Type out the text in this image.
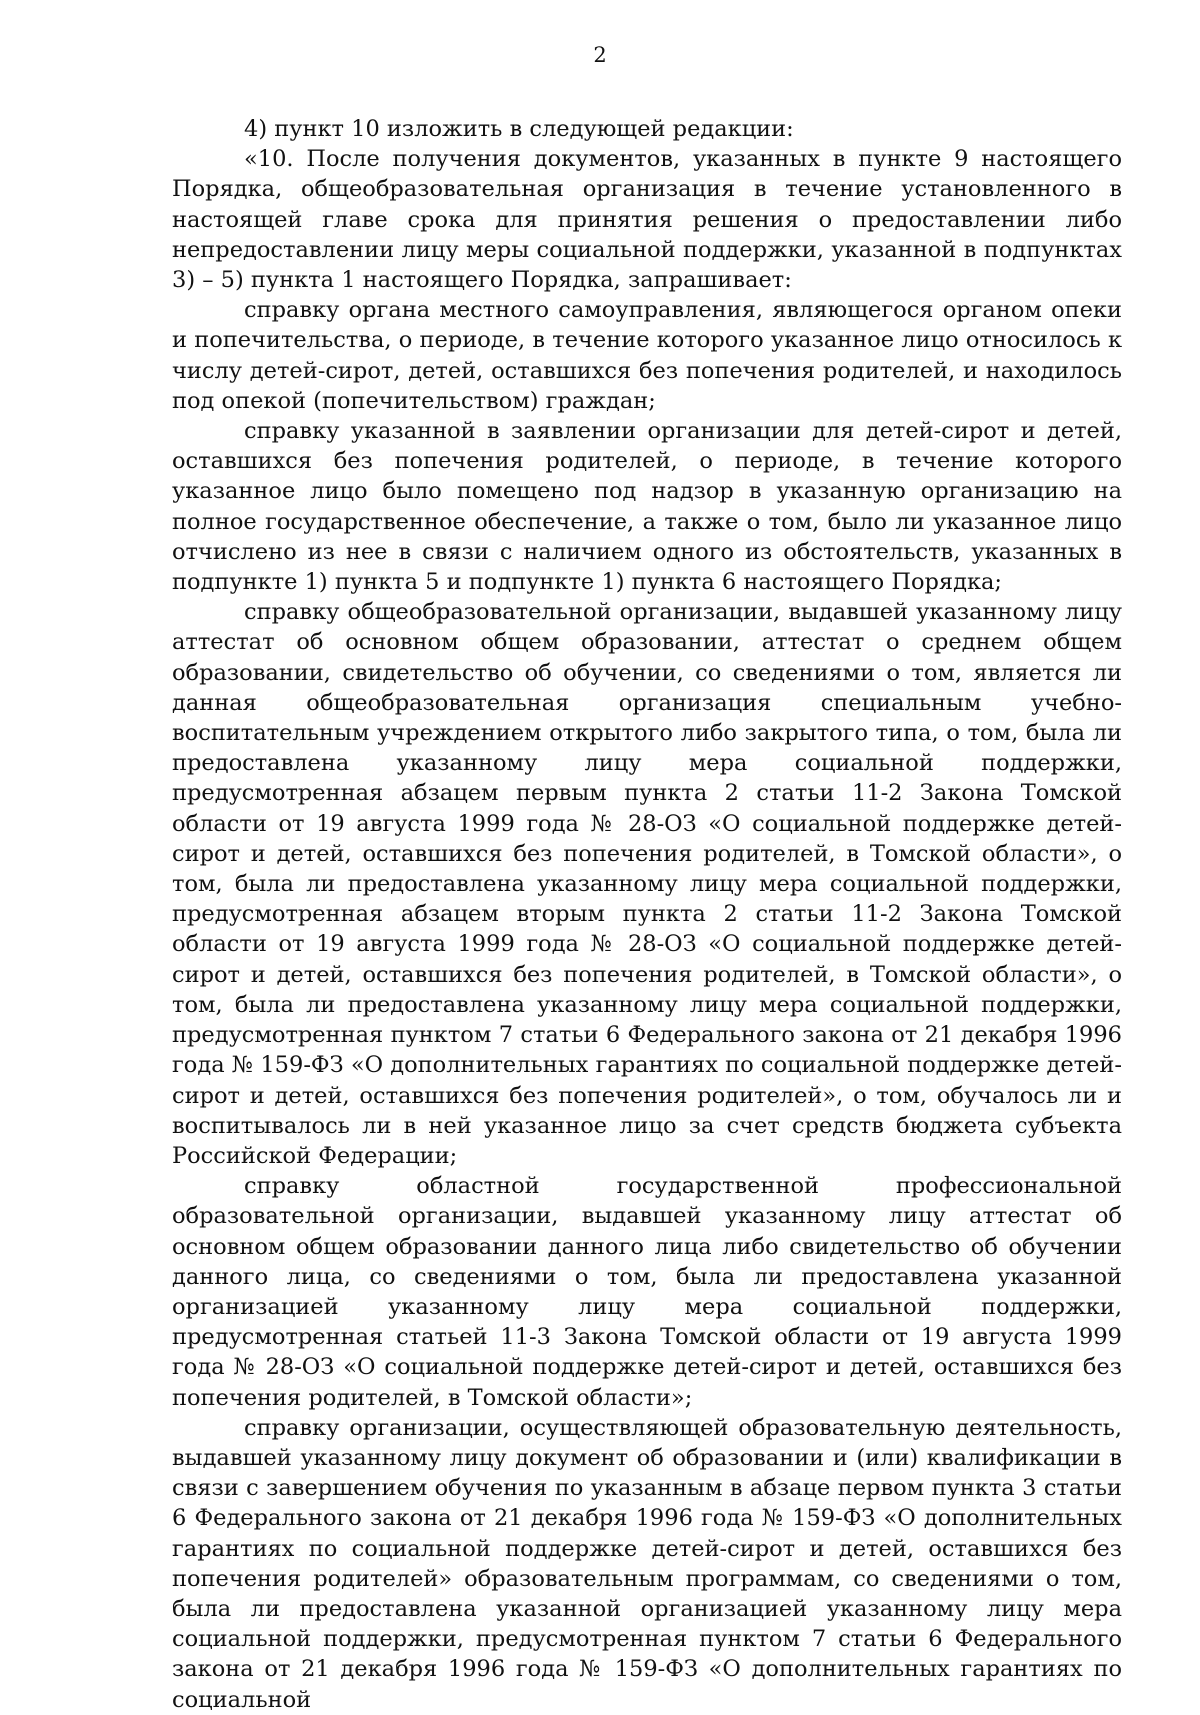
2

4) пункт 10 изложить в следующей редакции:

«10. После получения документов, указанных в пункте 9 настоящего Порядка, общеобразовательная организация в течение установленного в настоящей главе срока для принятия решения о предоставлении либо непредоставлении лицу меры социальной поддержки, указанной в подпунктах 3) – 5) пункта 1 настоящего Порядка, запрашивает:

справку органа местного самоуправления, являющегося органом опеки и попечительства, о периоде, в течение которого указанное лицо относилось к числу детей-сирот, детей, оставшихся без попечения родителей, и находилось под опекой (попечительством) граждан;

справку указанной в заявлении организации для детей-сирот и детей, оставшихся без попечения родителей, о периоде, в течение которого указанное лицо было помещено под надзор в указанную организацию на полное государственное обеспечение, а также о том, было ли указанное лицо отчислено из нее в связи с наличием одного из обстоятельств, указанных в подпункте 1) пункта 5 и подпункте 1) пункта 6 настоящего Порядка;

справку общеобразовательной организации, выдавшей указанному лицу аттестат об основном общем образовании, аттестат о среднем общем образовании, свидетельство об обучении, со сведениями о том, является ли данная общеобразовательная организация специальным учебно-воспитательным учреждением открытого либо закрытого типа, о том, была ли предоставлена указанному лицу мера социальной поддержки, предусмотренная абзацем первым пункта 2 статьи 11-2 Закона Томской области от 19 августа 1999 года № 28-ОЗ «О социальной поддержке детей-сирот и детей, оставшихся без попечения родителей, в Томской области», о том, была ли предоставлена указанному лицу мера социальной поддержки, предусмотренная абзацем вторым пункта 2 статьи 11-2 Закона Томской области от 19 августа 1999 года № 28-ОЗ «О социальной поддержке детей-сирот и детей, оставшихся без попечения родителей, в Томской области», о том, была ли предоставлена указанному лицу мера социальной поддержки, предусмотренная пунктом 7 статьи 6 Федерального закона от 21 декабря 1996 года № 159-ФЗ «О дополнительных гарантиях по социальной поддержке детей-сирот и детей, оставшихся без попечения родителей», о том, обучалось ли и воспитывалось ли в ней указанное лицо за счет средств бюджета субъекта Российской Федерации;

справку областной государственной профессиональной образовательной организации, выдавшей указанному лицу аттестат об основном общем образовании данного лица либо свидетельство об обучении данного лица, со сведениями о том, была ли предоставлена указанной организацией указанному лицу мера социальной поддержки, предусмотренная статьей 11-3 Закона Томской области от 19 августа 1999 года № 28-ОЗ «О социальной поддержке детей-сирот и детей, оставшихся без попечения родителей, в Томской области»;

справку организации, осуществляющей образовательную деятельность, выдавшей указанному лицу документ об образовании и (или) квалификации в связи с завершением обучения по указанным в абзаце первом пункта 3 статьи 6 Федерального закона от 21 декабря 1996 года № 159-ФЗ «О дополнительных гарантиях по социальной поддержке детей-сирот и детей, оставшихся без попечения родителей» образовательным программам, со сведениями о том, была ли предоставлена указанной организацией указанному лицу мера социальной поддержки, предусмотренная пунктом 7 статьи 6 Федерального закона от 21 декабря 1996 года № 159-ФЗ «О дополнительных гарантиях по социальной
